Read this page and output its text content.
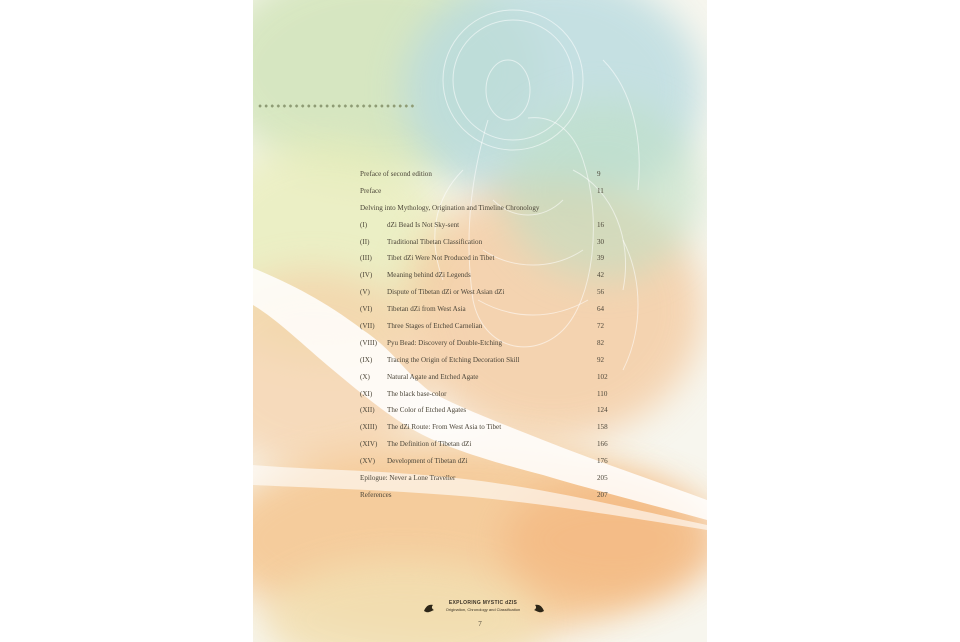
Preface of second edition	9
Preface	11
Delving into Mythology, Origination and Timeline Chronology
(I)	dZi Bead Is Not Sky-sent	16
(II) Traditional Tibetan Classification	30
(III) Tibet dZi Were Not Produced in Tibet	39
(IV) Meaning behind dZi Legends	42
(V) Dispute of Tibetan dZi or West Asian dZi	56
(VI) Tibetan dZi from West Asia	64
(VII) Three Stages of Etched Carnelian	72
(VIII) Pyu Bead: Discovery of Double-Etching	82
(IX) Tracing the Origin of Etching Decoration Skill	92
(X) Natural Agate and Etched Agate	102
(XI) The black base-color	110
(XII) The Color of Etched Agates	124
(XIII) The dZi Route: From West Asia to Tibet	158
(XIV) The Definition of Tibetan dZi	166
(XV) Development of Tibetan dZi	176
Epilogue: Never a Lone Traveller	205
References	207
EXPLORING MYSTIC dZIS
Origination, Chronology and Classification
7
